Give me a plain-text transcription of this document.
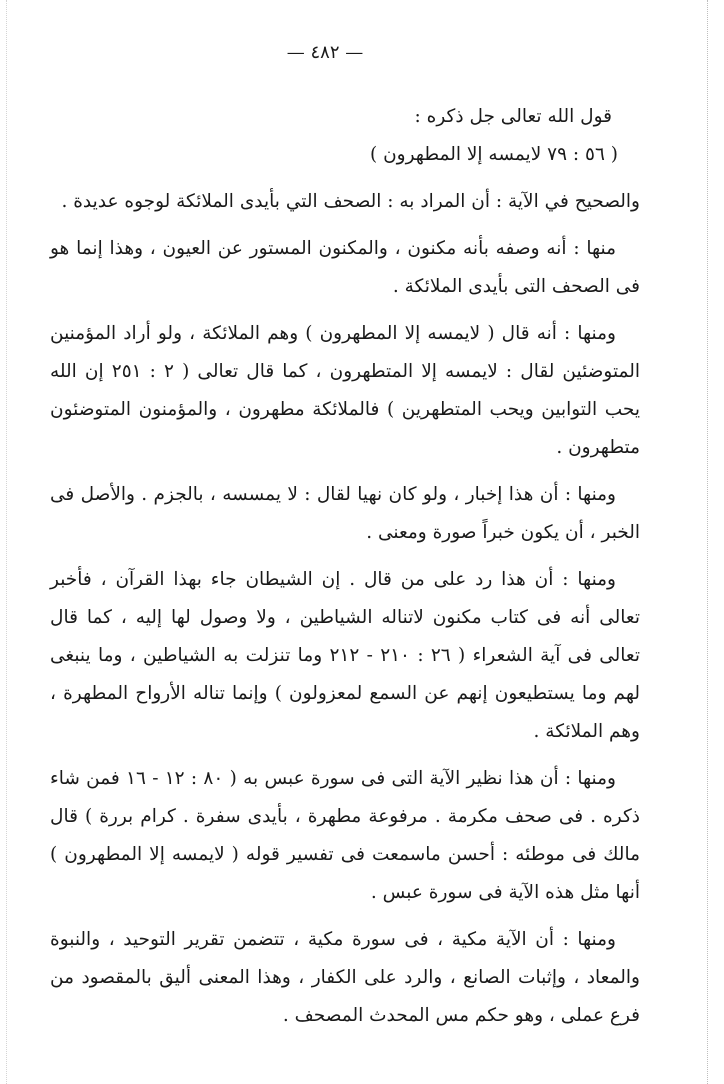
— ٤٨٢ —

قول الله تعالى جل ذكره :

( ٥٦ : ٧٩ لايمسه إلا المطهرون )

والصحيح في الآية : أن المراد به : الصحف التي بأيدى الملائكة لوجوه عديدة .

منها : أنه وصفه بأنه مكنون ، والمكنون المستور عن العيون ، وهذا إنما هو فى الصحف التى بأيدى الملائكة .

ومنها : أنه قال ( لايمسه إلا المطهرون ) وهم الملائكة ، ولو أراد المؤمنين المتوضئين لقال : لايمسه إلا المتطهرون ، كما قال تعالى ( ٢ : ٢٥١ إن الله يحب التوابين ويحب المتطهرين ) فالملائكة مطهرون ، والمؤمنون المتوضئون متطهرون .

ومنها : أن هذا إخبار ، ولو كان نهيا لقال : لا يمسسه ، بالجزم . والأصل فى الخبر ، أن يكون خبراً صورة ومعنى .

ومنها : أن هذا رد على من قال . إن الشيطان جاء بهذا القرآن ، فأخبر تعالى أنه فى كتاب مكنون لاتناله الشياطين ، ولا وصول لها إليه ، كما قال تعالى فى آية الشعراء ( ٢٦ : ٢١٠ - ٢١٢ وما تنزلت به الشياطين ، وما ينبغى لهم وما يستطيعون إنهم عن السمع لمعزولون ) وإنما تناله الأرواح المطهرة ، وهم الملائكة .

ومنها : أن هذا نظير الآية التى فى سورة عبس به ( ٨٠ : ١٢ - ١٦ فمن شاء ذكره . فى صحف مكرمة . مرفوعة مطهرة ، بأيدى سفرة . كرام بررة ) قال مالك فى موطئه : أحسن ماسمعت فى تفسير قوله ( لايمسه إلا المطهرون ) أنها مثل هذه الآية فى سورة عبس .

ومنها : أن الآية مكية ، فى سورة مكية ، تتضمن تقرير التوحيد ، والنبوة والمعاد ، وإثبات الصانع ، والرد على الكفار ، وهذا المعنى أليق بالمقصود من فرع عملى ، وهو حكم مس المحدث المصحف .
